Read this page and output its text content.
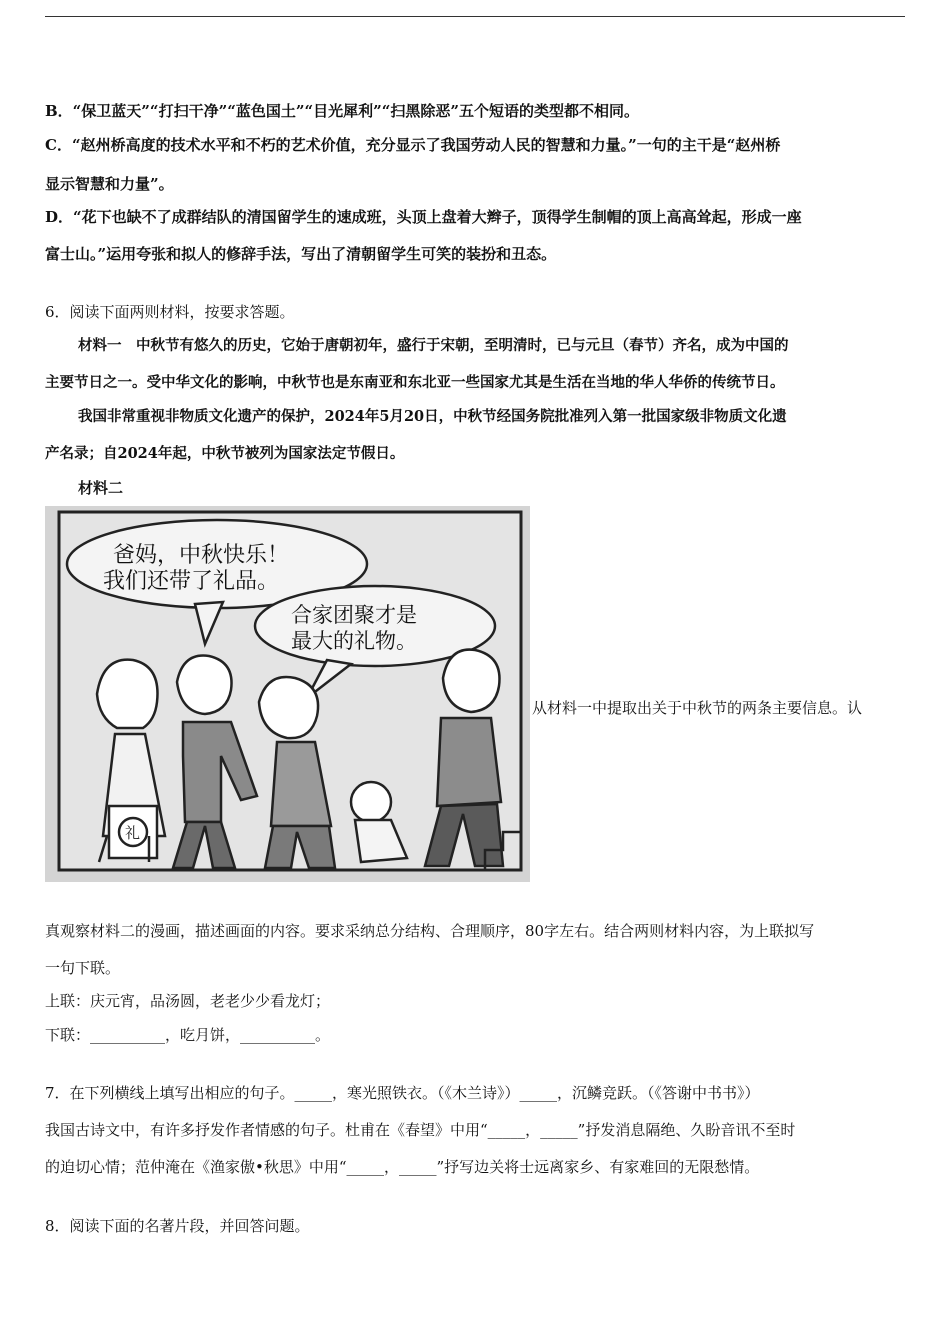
B．“保卫蓝天”“打扫干净”“蓝色国土”“目光犀利”“扫黑除恶”五个短语的类型都不相同。
C．“赵州桥高度的技术水平和不朽的艺术价值，充分显示了我国劳动人民的智慧和力量。”一句的主干是“赵州桥
显示智慧和力量”。
D．“花下也缺不了成群结队的清国留学生的速成班，头顶上盘着大辫子，顶得学生制帽的顶上高高耸起，形成一座
富士山。”运用夸张和拟人的修辞手法，写出了清朝留学生可笑的装扮和丑态。
6．阅读下面两则材料，按要求答题。
材料一　中秋节有悠久的历史，它始于唐朝初年，盛行于宋朝，至明清时，已与元旦（春节）齐名，成为中国的
主要节日之一。受中华文化的影响，中秋节也是东南亚和东北亚一些国家尤其是生活在当地的华人华侨的传统节日。
我国非常重视非物质文化遗产的保护，2024年5月20日，中秋节经国务院批准列入第一批国家级非物质文化遗
产名录；自2024年起，中秋节被列为国家法定节假日。
材料二
爸妈，中秋快乐！
我们还带了礼品。
合家团聚才是
最大的礼物。
礼
从材料一中提取出关于中秋节的两条主要信息。认
真观察材料二的漫画，描述画面的内容。要求采纳总分结构、合理顺序，80字左右。结合两则材料内容，为上联拟写
一句下联。
上联：庆元宵，品汤圆，老老少少看龙灯；
下联：__________，吃月饼，__________。
7．在下列横线上填写出相应的句子。_____，寒光照铁衣。（《木兰诗》）_____，沉鳞竞跃。（《答谢中书书》）
我国古诗文中，有许多抒发作者情感的句子。杜甫在《春望》中用“_____，_____”抒发消息隔绝、久盼音讯不至时
的迫切心情；范仲淹在《渔家傲•秋思》中用“_____，_____”抒写边关将士远离家乡、有家难回的无限愁情。
8．阅读下面的名著片段，并回答问题。
